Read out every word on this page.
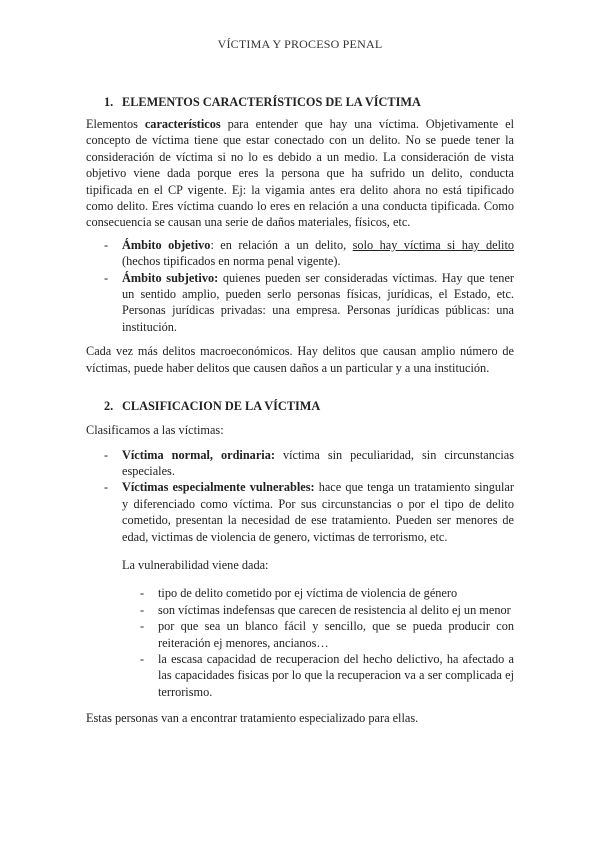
VÍCTIMA Y PROCESO PENAL
1. ELEMENTOS CARACTERÍSTICOS DE LA VÍCTIMA

Elementos característicos para entender que hay una víctima. Objetivamente el concepto de víctima tiene que estar conectado con un delito. No se puede tener la consideración de víctima si no lo es debido a un medio. La consideración de vista objetivo viene dada porque eres la persona que ha sufrido un delito, conducta tipificada en el CP vigente. Ej: la vigamia antes era delito ahora no está tipificado como delito. Eres víctima cuando lo eres en relación a una conducta tipificada. Como consecuencia se causan una serie de daños materiales, físicos, etc.

- Ámbito objetivo: en relación a un delito, solo hay víctima si hay delito (hechos tipificados en norma penal vigente).
- Ámbito subjetivo: quienes pueden ser consideradas víctimas. Hay que tener un sentido amplio, pueden serlo personas físicas, jurídicas, el Estado, etc. Personas jurídicas privadas: una empresa. Personas jurídicas públicas: una institución.

Cada vez más delitos macroeconómicos. Hay delitos que causan amplio número de víctimas, puede haber delitos que causen daños a un particular y a una institución.

2. CLASIFICACION DE LA VÍCTIMA

Clasificamos a las víctimas:

- Víctima normal, ordinaria: víctima sin peculiaridad, sin circunstancias especiales.
- Víctimas especialmente vulnerables: hace que tenga un tratamiento singular y diferenciado como víctima. Por sus circunstancias o por el tipo de delito cometido, presentan la necesidad de ese tratamiento. Pueden ser menores de edad, victimas de violencia de genero, victimas de terrorismo, etc.

La vulnerabilidad viene dada:

- tipo de delito cometido por ej víctima de violencia de género
- son víctimas indefensas que carecen de resistencia al delito ej un menor
- por que sea un blanco fácil y sencillo, que se pueda producir con reiteración ej menores, ancianos…
- la escasa capacidad de recuperacion del hecho delictivo, ha afectado a las capacidades fisicas por lo que la recuperacion va a ser complicada ej terrorismo.

Estas personas van a encontrar tratamiento especializado para ellas.
